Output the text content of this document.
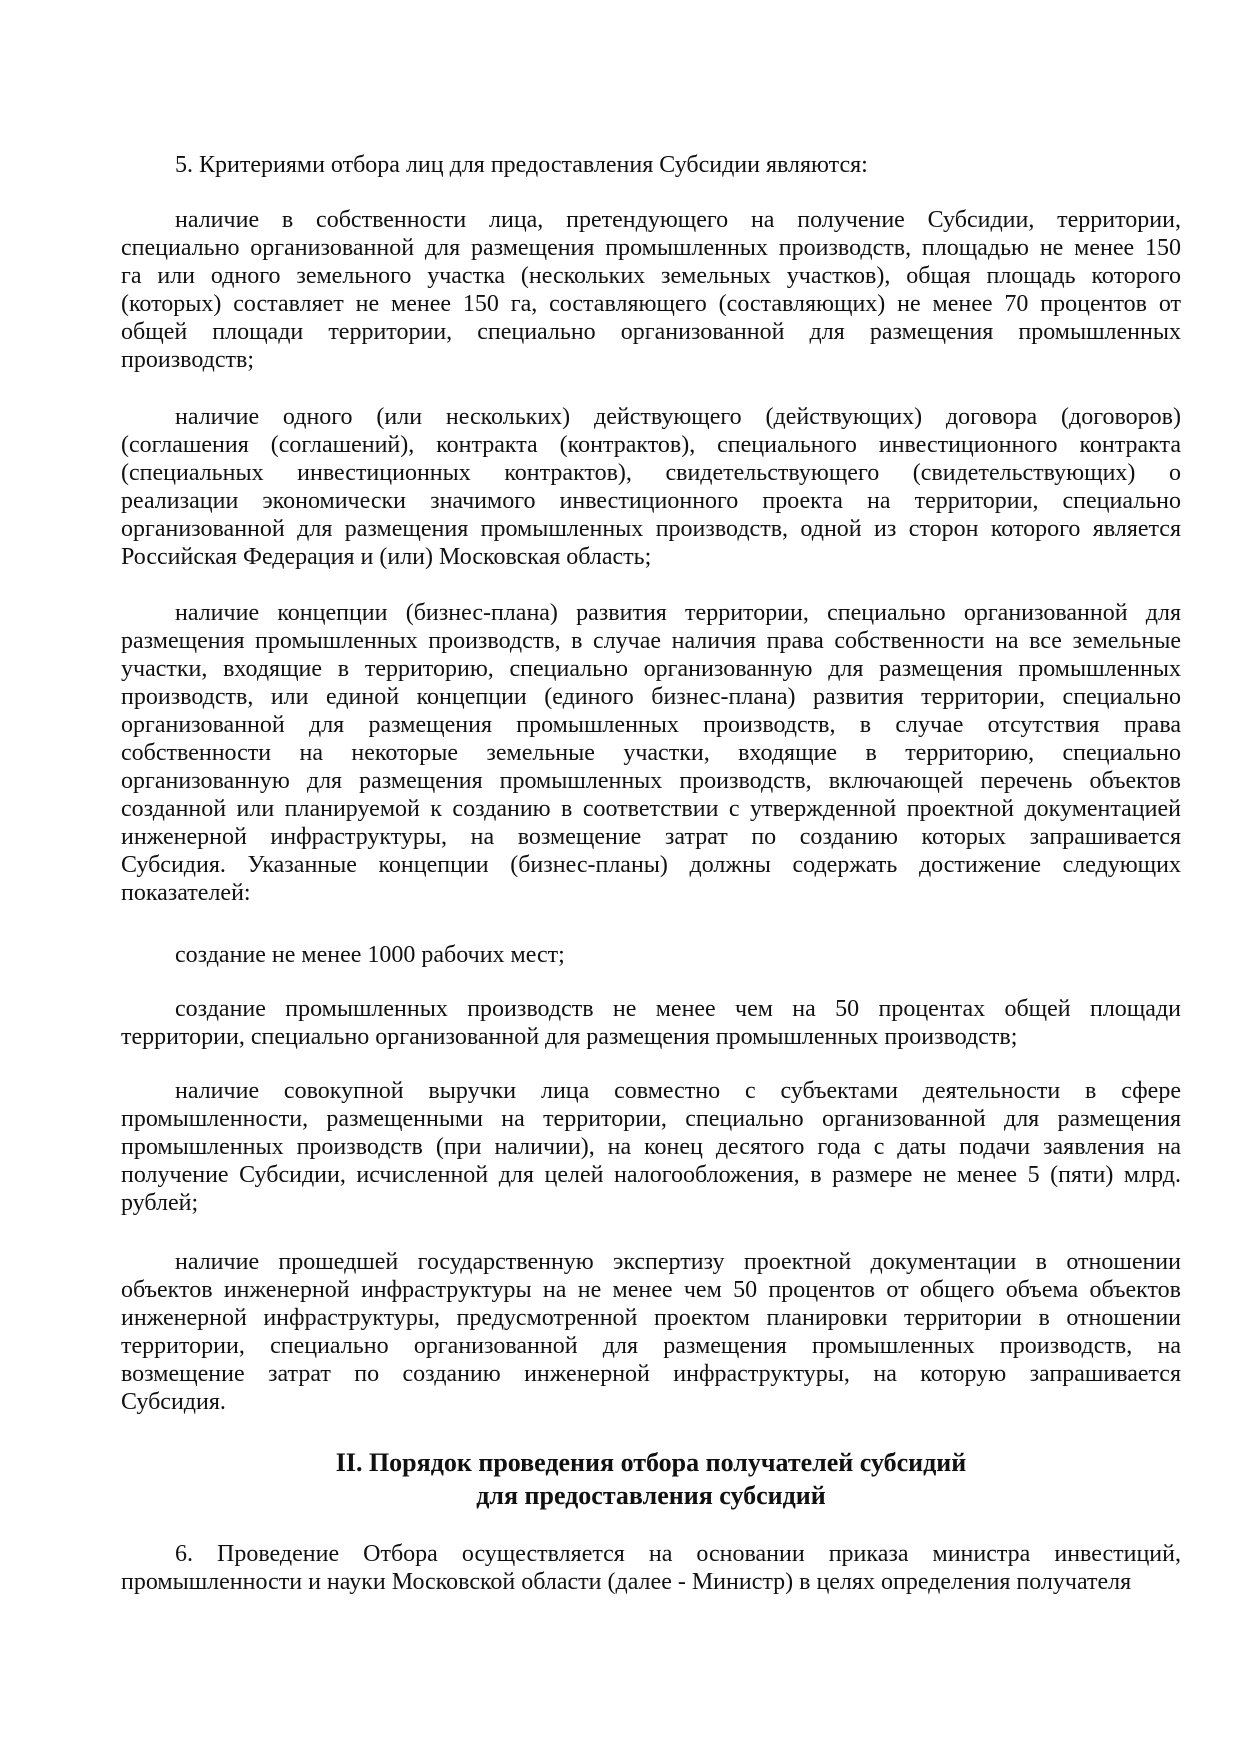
5. Критериями отбора лиц для предоставления Субсидии являются:
наличие в собственности лица, претендующего на получение Субсидии, территории,
специально организованной для размещения промышленных производств, площадью не менее 150
га или одного земельного участка (нескольких земельных участков), общая площадь которого
(которых) составляет не менее 150 га, составляющего (составляющих) не менее 70 процентов от
общей площади территории, специально организованной для размещения промышленных
производств;
наличие одного (или нескольких) действующего (действующих) договора (договоров)
(соглашения (соглашений), контракта (контрактов), специального инвестиционного контракта
(специальных инвестиционных контрактов), свидетельствующего (свидетельствующих) о
реализации экономически значимого инвестиционного проекта на территории, специально
организованной для размещения промышленных производств, одной из сторон которого является
Российская Федерация и (или) Московская область;
наличие концепции (бизнес-плана) развития территории, специально организованной для
размещения промышленных производств, в случае наличия права собственности на все земельные
участки, входящие в территорию, специально организованную для размещения промышленных
производств, или единой концепции (единого бизнес-плана) развития территории, специально
организованной для размещения промышленных производств, в случае отсутствия права
собственности на некоторые земельные участки, входящие в территорию, специально
организованную для размещения промышленных производств, включающей перечень объектов
созданной или планируемой к созданию в соответствии с утвержденной проектной документацией
инженерной инфраструктуры, на возмещение затрат по созданию которых запрашивается
Субсидия. Указанные концепции (бизнес-планы) должны содержать достижение следующих
показателей:
создание не менее 1000 рабочих мест;
создание промышленных производств не менее чем на 50 процентах общей площади
территории, специально организованной для размещения промышленных производств;
наличие совокупной выручки лица совместно с субъектами деятельности в сфере
промышленности, размещенными на территории, специально организованной для размещения
промышленных производств (при наличии), на конец десятого года с даты подачи заявления на
получение Субсидии, исчисленной для целей налогообложения, в размере не менее 5 (пяти) млрд.
рублей;
наличие прошедшей государственную экспертизу проектной документации в отношении
объектов инженерной инфраструктуры на не менее чем 50 процентов от общего объема объектов
инженерной инфраструктуры, предусмотренной проектом планировки территории в отношении
территории, специально организованной для размещения промышленных производств, на
возмещение затрат по созданию инженерной инфраструктуры, на которую запрашивается
Субсидия.
II. Порядок проведения отбора получателей субсидий
для предоставления субсидий
6. Проведение Отбора осуществляется на основании приказа министра инвестиций,
промышленности и науки Московской области (далее - Министр) в целях определения получателя
